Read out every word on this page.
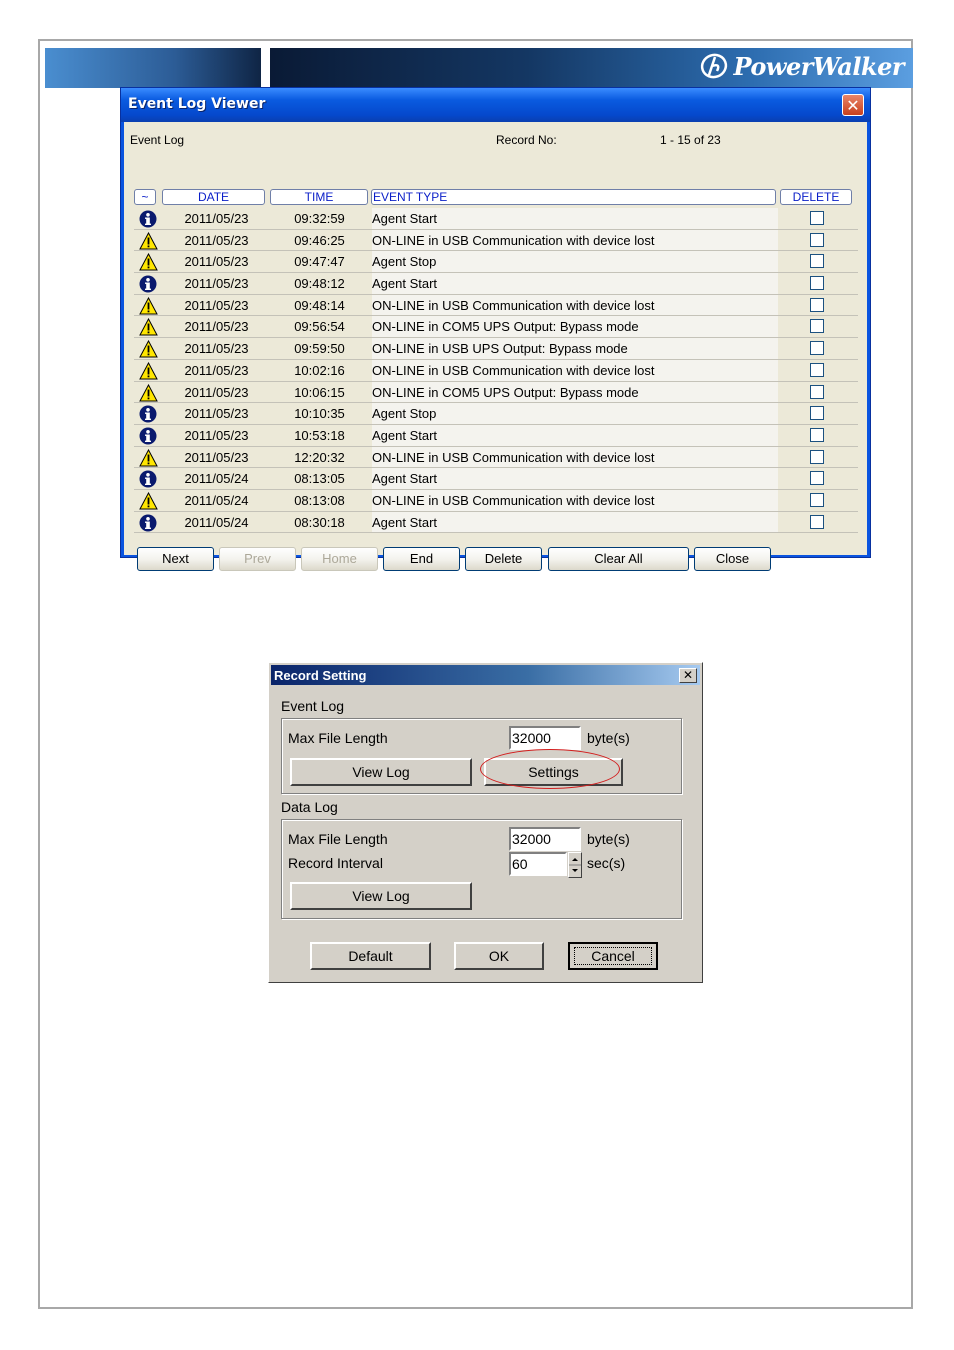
PowerWalker
Event Log Viewer	✕
Event Log	Record No:	1 - 15 of 23
~	DATE	TIME	EVENT TYPE	DELETE
2011/05/23	09:32:59	Agent Start
2011/05/23	09:46:25	ON-LINE in USB Communication with device lost
2011/05/23	09:47:47	Agent Stop
2011/05/23	09:48:12	Agent Start
2011/05/23	09:48:14	ON-LINE in USB Communication with device lost
2011/05/23	09:56:54	ON-LINE in COM5 UPS Output: Bypass mode
2011/05/23	09:59:50	ON-LINE in USB UPS Output: Bypass mode
2011/05/23	10:02:16	ON-LINE in USB Communication with device lost
2011/05/23	10:06:15	ON-LINE in COM5 UPS Output: Bypass mode
2011/05/23	10:10:35	Agent Stop
2011/05/23	10:53:18	Agent Start
2011/05/23	12:20:32	ON-LINE in USB Communication with device lost
2011/05/24	08:13:05	Agent Start
2011/05/24	08:13:08	ON-LINE in USB Communication with device lost
2011/05/24	08:30:18	Agent Start
Next	Prev	Home	End	Delete	Clear All	Close
Record Setting	✕
Event Log
Max File Length	32000	byte(s)
View Log	Settings
Data Log
Max File Length	32000	byte(s)
Record Interval	60	sec(s)
View Log
Default	OK	Cancel
